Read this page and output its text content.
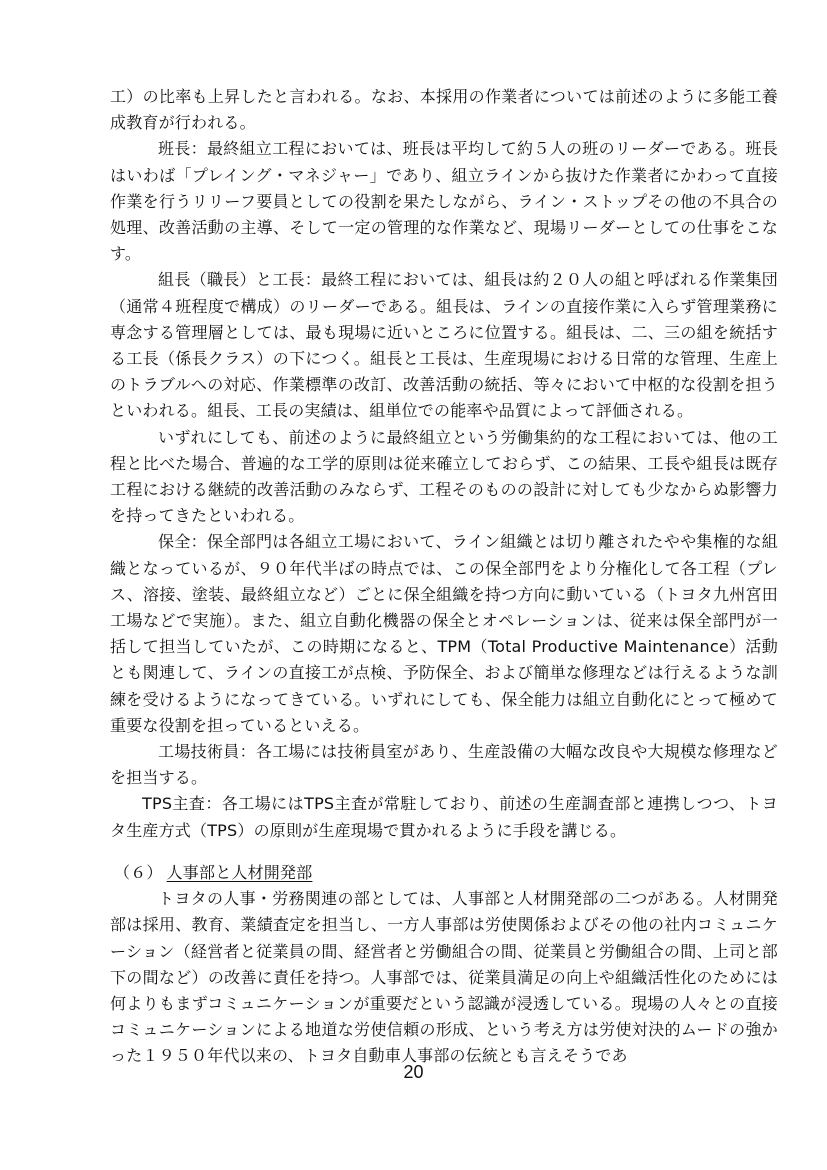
工）の比率も上昇したと言われる。なお、本採用の作業者については前述のように多能工養成教育が行われる。

班長：最終組立工程においては、班長は平均して約５人の班のリーダーである。班長はいわば「プレイング・マネジャー」であり、組立ラインから抜けた作業者にかわって直接作業を行うリリーフ要員としての役割を果たしながら、ライン・ストップその他の不具合の処理、改善活動の主導、そして一定の管理的な作業など、現場リーダーとしての仕事をこなす。

組長（職長）と工長：最終工程においては、組長は約２０人の組と呼ばれる作業集団（通常４班程度で構成）のリーダーである。組長は、ラインの直接作業に入らず管理業務に専念する管理層としては、最も現場に近いところに位置する。組長は、二、三の組を統括する工長（係長クラス）の下につく。組長と工長は、生産現場における日常的な管理、生産上のトラブルへの対応、作業標準の改訂、改善活動の統括、等々において中枢的な役割を担うといわれる。組長、工長の実績は、組単位での能率や品質によって評価される。

いずれにしても、前述のように最終組立という労働集約的な工程においては、他の工程と比べた場合、普遍的な工学的原則は従来確立しておらず、この結果、工長や組長は既存工程における継続的改善活動のみならず、工程そのものの設計に対しても少なからぬ影響力を持ってきたといわれる。

保全：保全部門は各組立工場において、ライン組織とは切り離されたやや集権的な組織となっているが、９０年代半ばの時点では、この保全部門をより分権化して各工程（プレス、溶接、塗装、最終組立など）ごとに保全組織を持つ方向に動いている（トヨタ九州宮田工場などで実施）。また、組立自動化機器の保全とオペレーションは、従来は保全部門が一括して担当していたが、この時期になると、TPM（Total Productive Maintenance）活動とも関連して、ラインの直接工が点検、予防保全、および簡単な修理などは行えるような訓練を受けるようになってきている。いずれにしても、保全能力は組立自動化にとって極めて重要な役割を担っているといえる。

工場技術員：各工場には技術員室があり、生産設備の大幅な改良や大規模な修理などを担当する。

TPS主査：各工場にはTPS主査が常駐しており、前述の生産調査部と連携しつつ、トヨタ生産方式（TPS）の原則が生産現場で貫かれるように手段を講じる。

（６） 人事部と人材開発部

トヨタの人事・労務関連の部としては、人事部と人材開発部の二つがある。人材開発部は採用、教育、業績査定を担当し、一方人事部は労使関係およびその他の社内コミュニケーション（経営者と従業員の間、経営者と労働組合の間、従業員と労働組合の間、上司と部下の間など）の改善に責任を持つ。人事部では、従業員満足の向上や組織活性化のためには何よりもまずコミュニケーションが重要だという認識が浸透している。現場の人々との直接コミュニケーションによる地道な労使信頼の形成、という考え方は労使対決的ムードの強かった１９５０年代以来の、トヨタ自動車人事部の伝統とも言えそうであ

20
